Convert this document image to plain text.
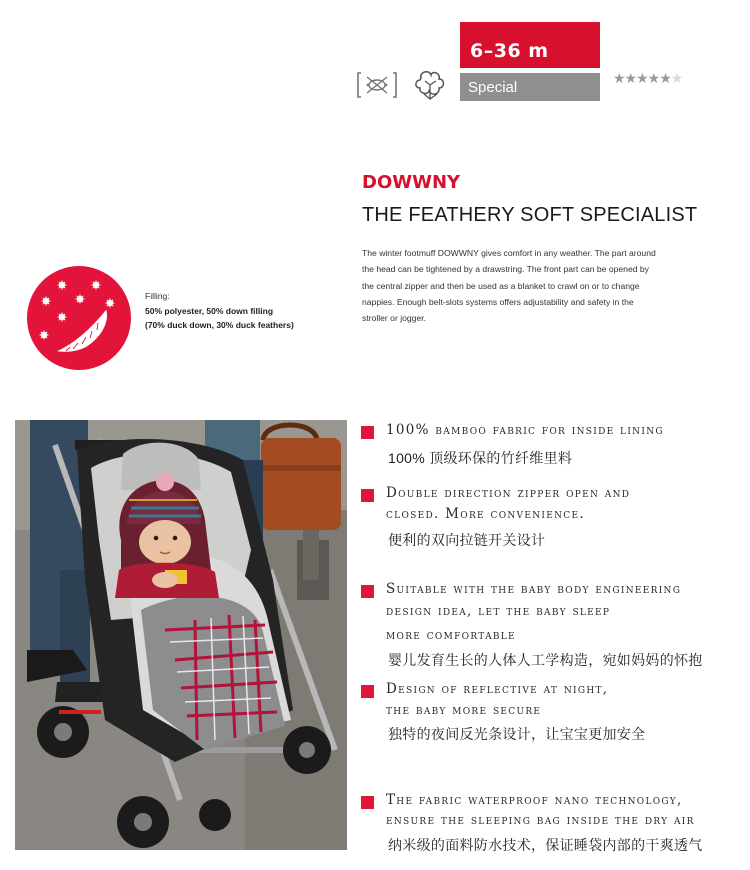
6–36 m
Special
★★★★★★
DOWWNY
THE FEATHERY SOFT SPECIALIST
The winter footmuff DOWWNY gives comfort in any weather. The part around
the head can be tightened by a drawstring. The front part can be opened by
the central zipper and then be used as a blanket to crawl on or to change
nappies. Enough belt-slots systems offers adjustability and safety in the
stroller or jogger.
Filling:
50% polyester, 50% down filling
(70% duck down, 30% duck feathers)
100% bamboo fabric for inside lining
100% 顶级环保的竹纤维里料
Double direction zipper open and
closed. More convenience.
便利的双向拉链开关设计
Suitable with the baby body engineering
design idea, let the baby sleep
more comfortable
婴儿发育生长的人体人工学构造，宛如妈妈的怀抱
Design of reflective at night,
the baby more secure
独特的夜间反光条设计，让宝宝更加安全
The fabric waterproof nano technology,
ensure the sleeping bag inside the dry air
纳米级的面料防水技术，保证睡袋内部的干爽透气
